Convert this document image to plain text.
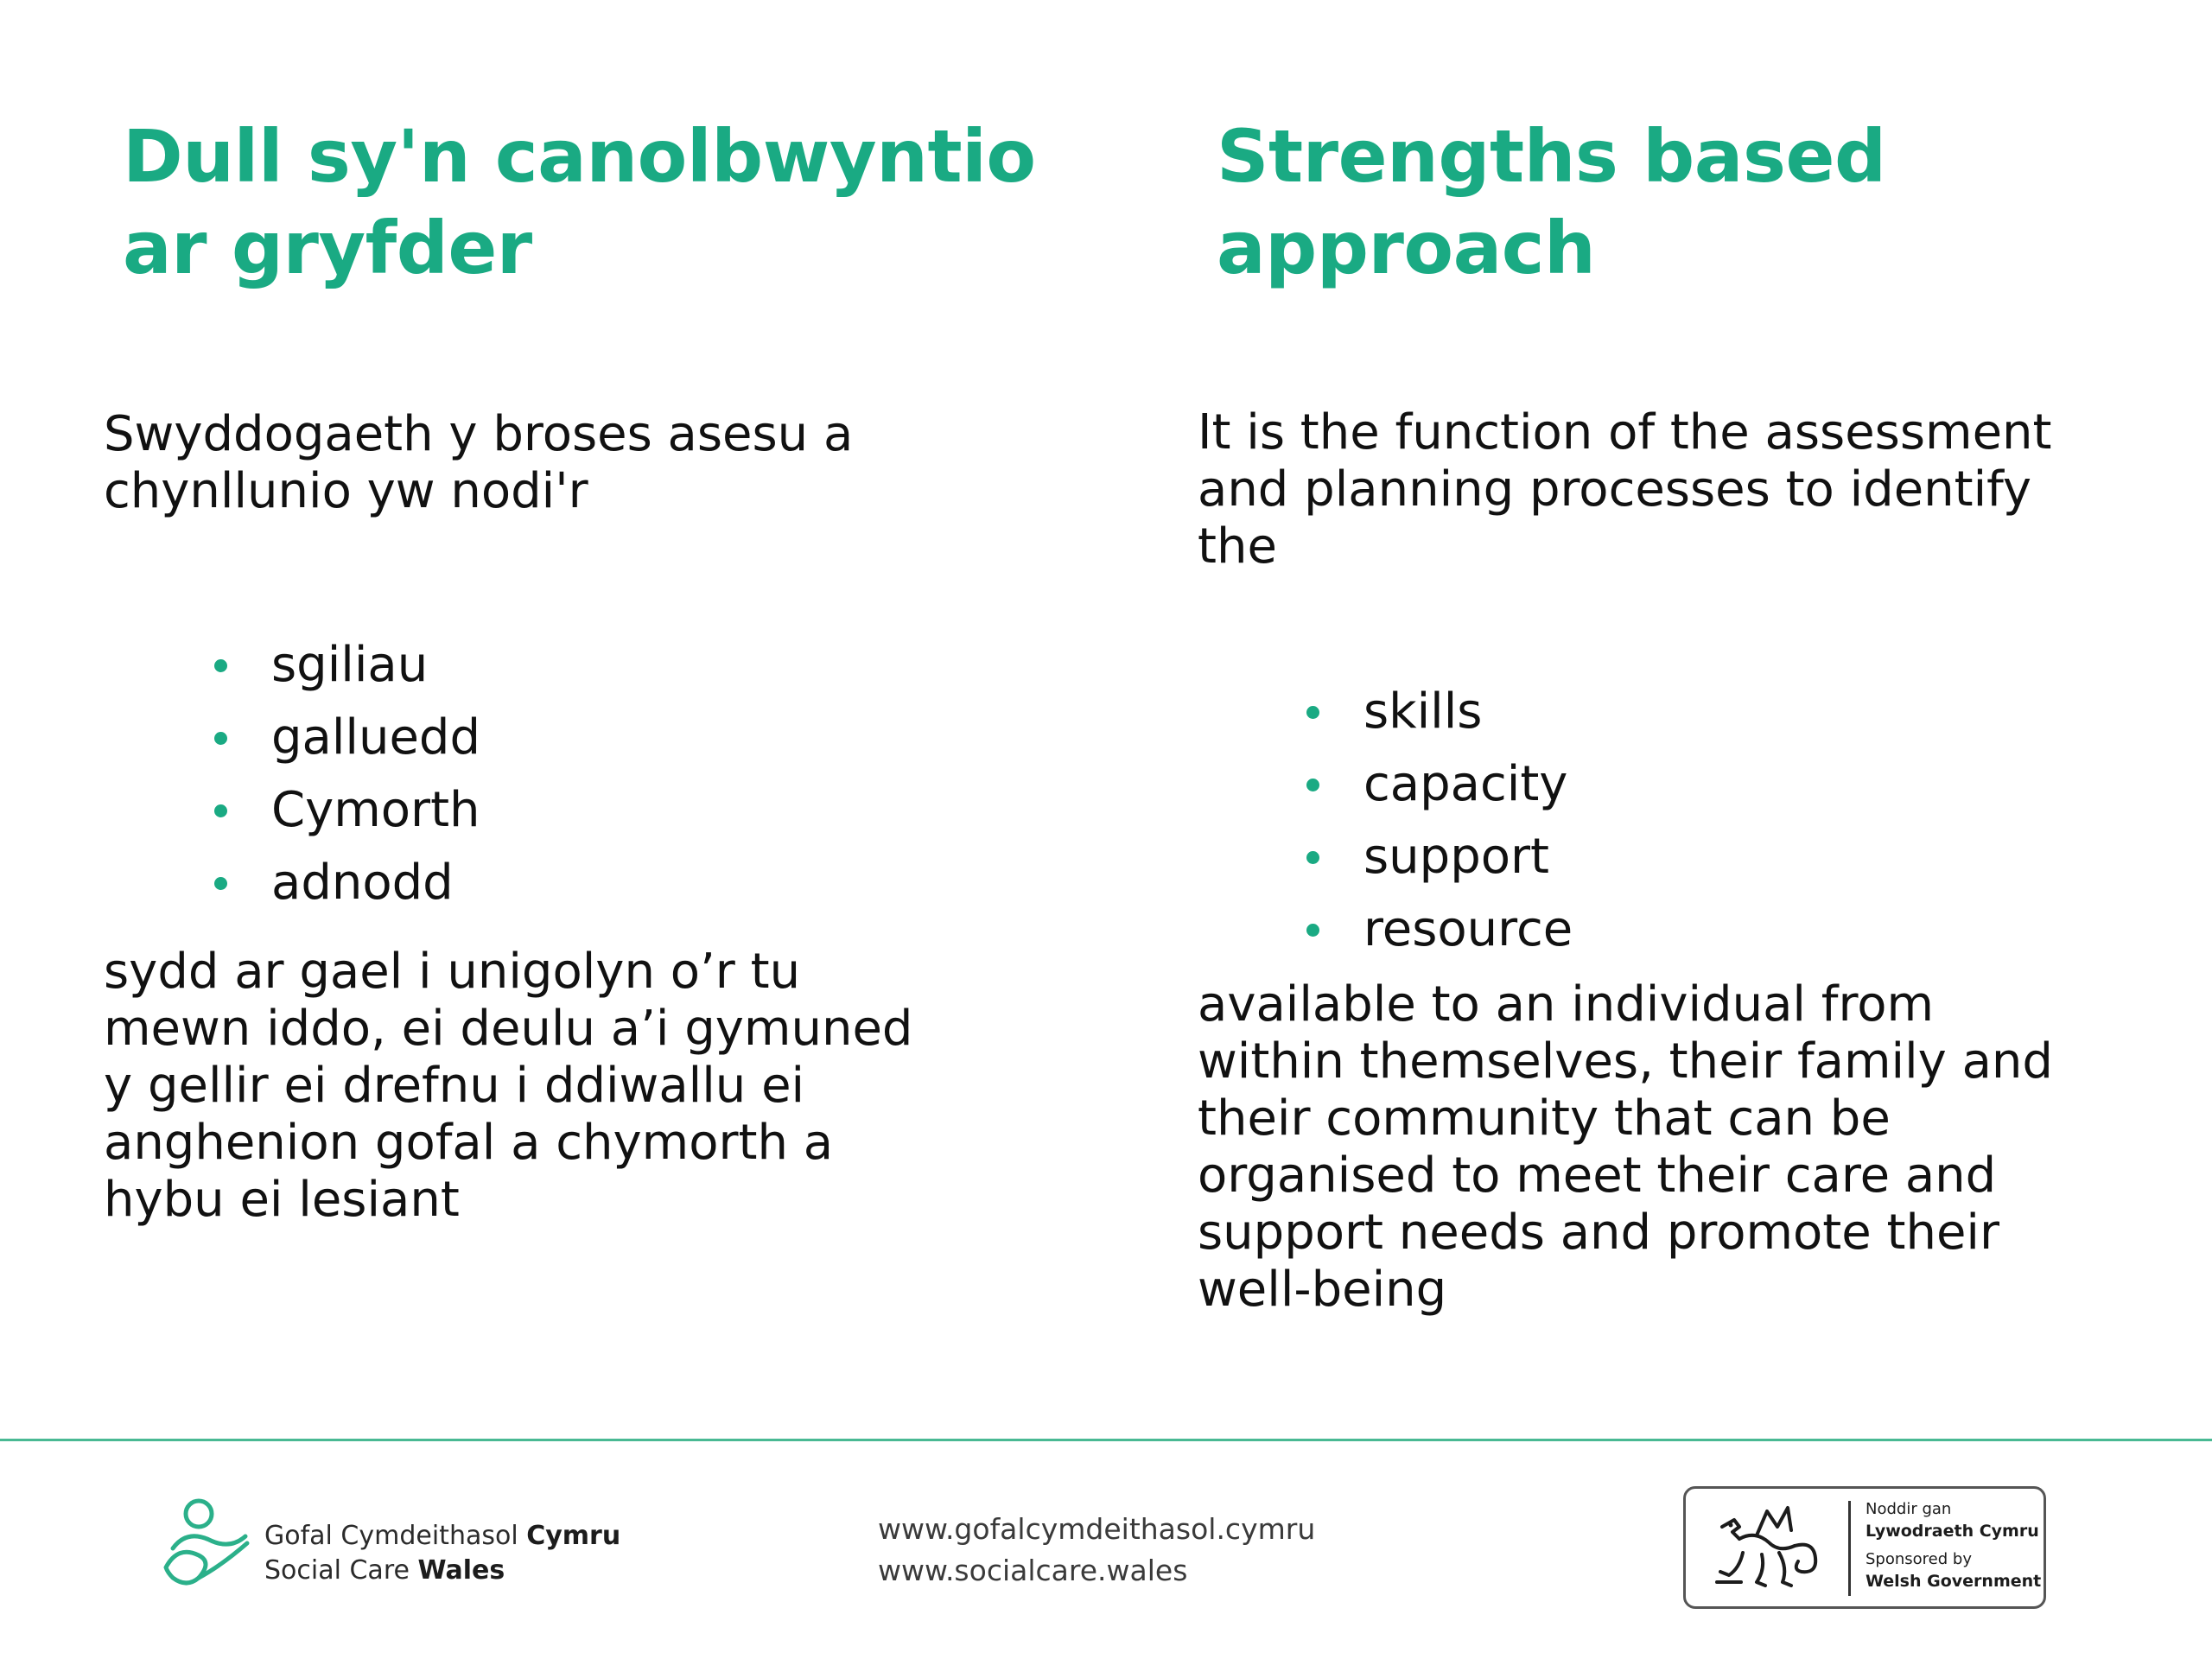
Dull sy'n canolbwyntio
ar gryfder
Strengths based
approach
Swyddogaeth y broses asesu a
chynllunio yw nodi'r
It is the function of the assessment
and planning processes to identify
the
sgiliau
galluedd
Cymorth
adnodd
skills
capacity
support
resource
sydd ar gael i unigolyn o’r tu
mewn iddo, ei deulu a’i gymuned
y gellir ei drefnu i ddiwallu ei
anghenion gofal a chymorth a
hybu ei lesiant
available to an individual from
within themselves, their family and
their community that can be
organised to meet their care and
support needs and promote their
well-being
Gofal Cymdeithasol Cymru
Social Care Wales
www.gofalcymdeithasol.cymru
www.socialcare.wales
Noddir gan
Lywodraeth Cymru
Sponsored by
Welsh Government
